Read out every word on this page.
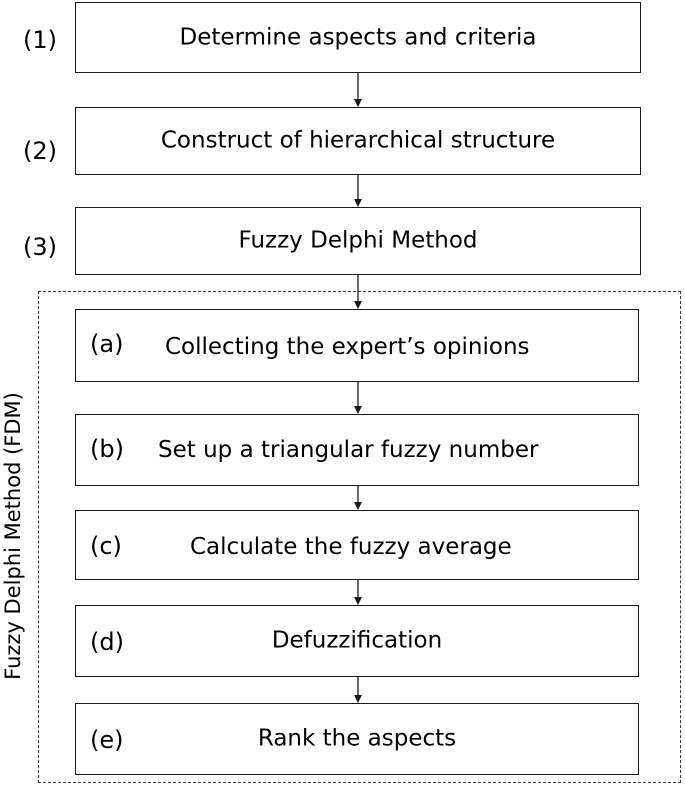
Fuzzy Delphi Method (FDM)
(1)
(2)
(3)
Determine aspects and criteria
Construct of hierarchical structure
Fuzzy Delphi Method
(a) Collecting the expert’s opinions
(b) Set up a triangular fuzzy number
(c)	Calculate the fuzzy average
(d)	Defuzzification
(e)	Rank the aspects
